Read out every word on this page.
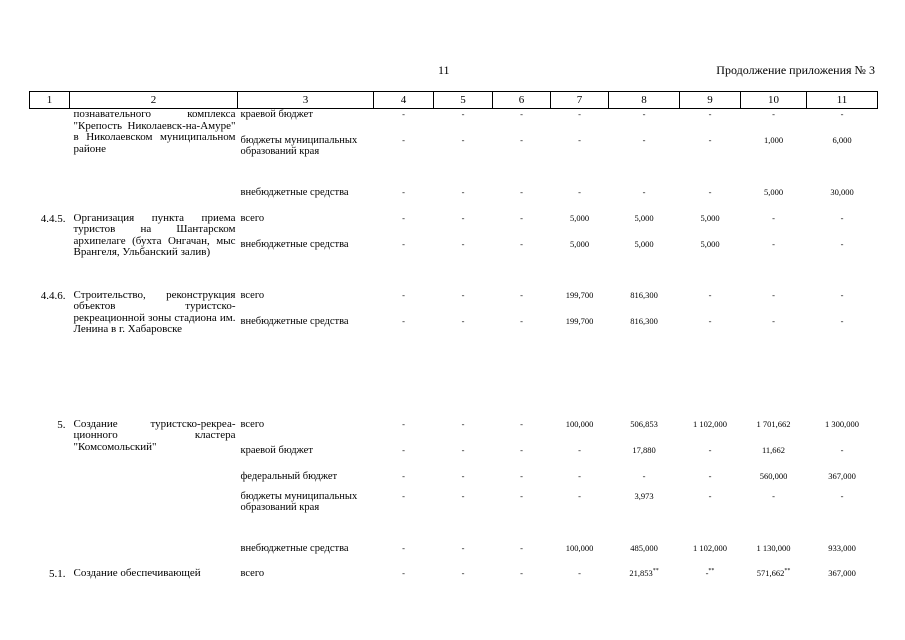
11	Продолжение приложения № 3
1	2	3	4	5	6	7	8	9	10	11
	познавательного комплекса "Крепость Николаевск-на-Амуре" в Николаевском муниципальном районе	краевой бюджет	-	-	-	-	-	-	-	-
		бюджеты муниципальных образований края	-	-	-	-	-	-	1,000	6,000
		внебюджетные средства	-	-	-	-	-	-	5,000	30,000
4.4.5.	Организация пункта приема туристов на Шантарском архипелаге (бухта Онгачан, мыс Врангеля, Ульбанский залив)	всего	-	-	-	5,000	5,000	5,000	-	-
		внебюджетные средства	-	-	-	5,000	5,000	5,000	-	-
4.4.6.	Строительство, реконструкция объектов туристско-рекреационной зоны стадиона им. Ленина в г. Хабаровске	всего	-	-	-	199,700	816,300	-	-	-
		внебюджетные средства	-	-	-	199,700	816,300	-	-	-
5.	Создание туристско-рекреа-ционного кластера "Комсомольский"	всего	-	-	-	100,000	506,853	1 102,000	1 701,662	1 300,000
		краевой бюджет	-	-	-	-	17,880	-	11,662	-
		федеральный бюджет	-	-	-	-	-	-	560,000	367,000
		бюджеты муниципальных образований края	-	-	-	-	3,973	-	-	-
		внебюджетные средства	-	-	-	100,000	485,000	1 102,000	1 130,000	933,000
5.1.	Создание обеспечивающей	всего	-	-	-	-	21,853**	-**	571,662**	367,000
